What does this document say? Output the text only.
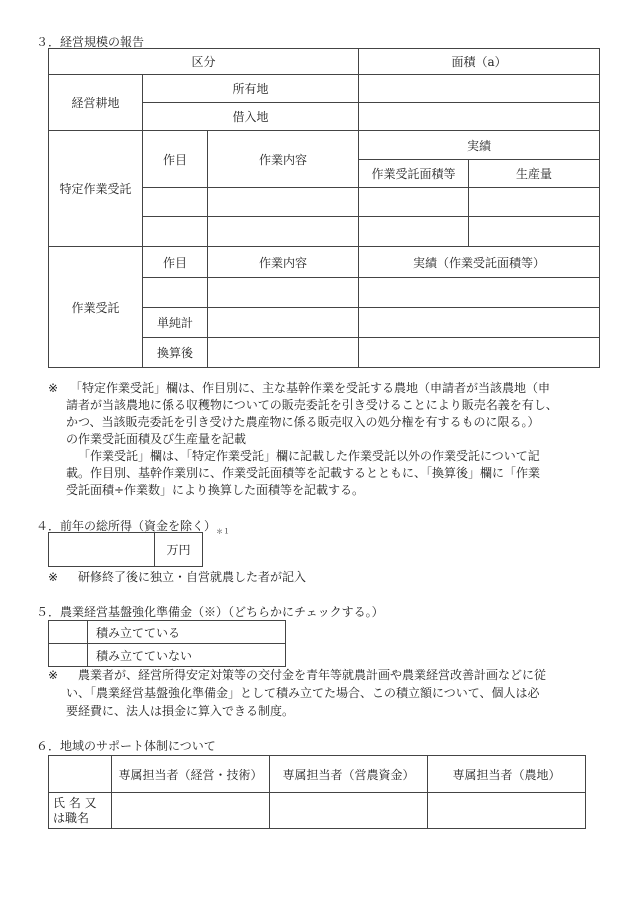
３．経営規模の報告
区分			面積（a）	
経営耕地	所有地			
	借入地			
特定作業受託	作目	作業内容	実績	
			作業受託面積等	生産量

作業受託	作目	作業内容	実績（作業受託面積等）	

	単純計			
	換算後			
※ 「特定作業受託」欄は、作目別に、主な基幹作業を受託する農地（申請者が当該農地（申
請者が当該農地に係る収穫物についての販売委託を引き受けることにより販売名義を有し、
かつ、当該販売委託を引き受けた農産物に係る販売収入の処分権を有するものに限る。）
の作業受託面積及び生産量を記載
「作業受託」欄は、「特定作業受託」欄に記載した作業受託以外の作業受託について記
載。作目別、基幹作業別に、作業受託面積等を記載するとともに、「換算後」欄に「作業
受託面積÷作業数」により換算した面積等を記載する。
４．前年の総所得（資金を除く）$_{*1}$
	万円
※ 研修終了後に独立・自営就農した者が記入
５．農業経営基盤強化準備金（※）（どちらかにチェックする。）
	積み立てている
	積み立てていない
※ 農業者が、経営所得安定対策等の交付金を青年等就農計画や農業経営改善計画などに従
い、「農業経営基盤強化準備金」として積み立てた場合、この積立額について、個人は必
要経費に、法人は損金に算入できる制度。
６．地域のサポート体制について
	専属担当者（経営・技術）	専属担当者（営農資金）	専属担当者（農地）

氏 名 又
は職名			
